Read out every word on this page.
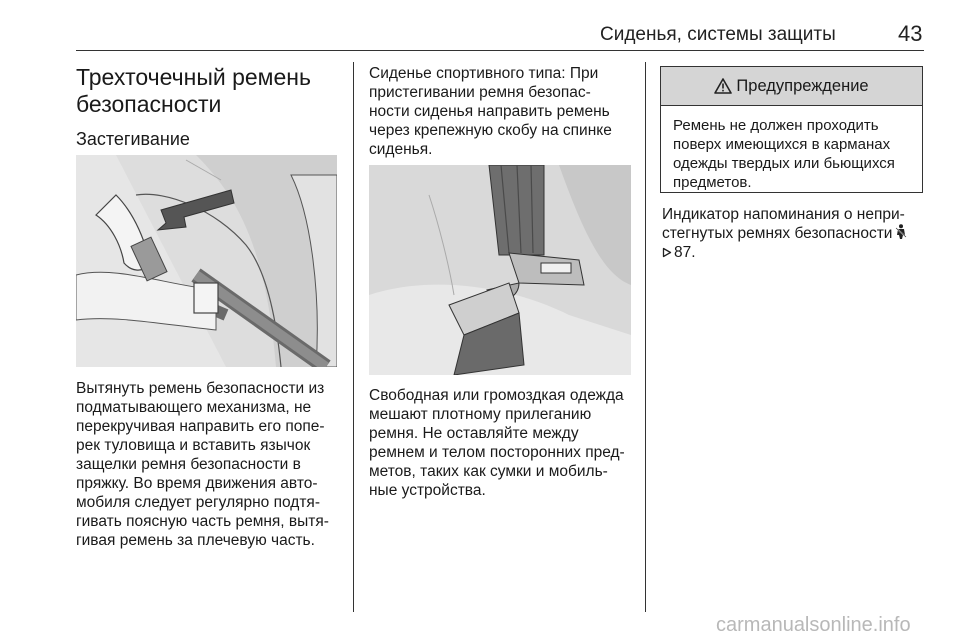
Сиденья, системы защиты	43
Трехточечный ремень
безопасности
Застегивание

Вытянуть ремень безопасности из
подматывающего механизма, не
перекручивая направить его попе-
рек туловища и вставить язычок
защелки ремня безопасности в
пряжку. Во время движения авто-
мобиля следует регулярно подтя-
гивать поясную часть ремня, вытя-
гивая ремень за плечевую часть.

Сиденье спортивного типа: При
пристегивании ремня безопас-
ности сиденья направить ремень
через крепежную скобу на спинке
сиденья.

Свободная или громоздкая одежда
мешают плотному прилеганию
ремня. Не оставляйте между
ремнем и телом посторонних пред-
метов, таких как сумки и мобиль-
ные устройства.

Предупреждение
Ремень не должен проходить
поверх имеющихся в карманах
одежды твердых или бьющихся
предметов.

Индикатор напоминания о непри-
стегнутых ремнях безопасности
87.

carmanualsonline.info
